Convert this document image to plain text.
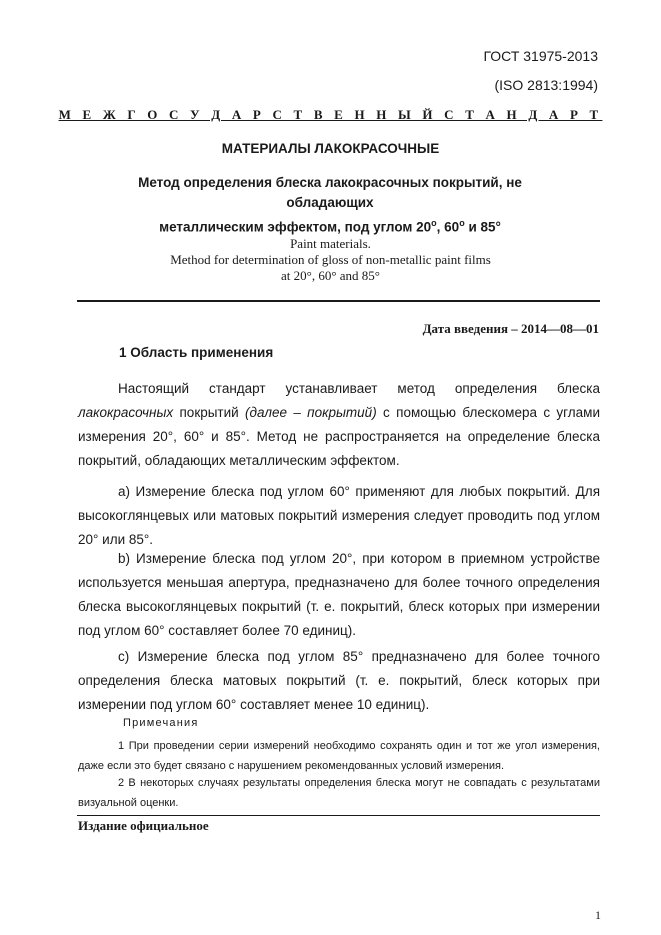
ГОСТ 31975-2013
(ISO 2813:1994)
М Е Ж Г О С У Д А Р С Т В Е Н Н Ы Й С Т А Н Д А Р Т
МАТЕРИАЛЫ ЛАКОКРАСОЧНЫЕ
Метод определения блеска лакокрасочных покрытий, не обладающих
металлическим эффектом, под углом $20^о$, $60^о$ и 85°
Paint materials.
Method for determination of gloss of non-metallic paint films
at 20°, 60° and 85°
Дата введения – 2014—08—01
1 Область применения
Настоящий стандарт устанавливает метод определения блеска лакокрасочных покрытий (далее – покрытий) с помощью блескомера с углами измерения 20°, 60° и 85°. Метод не распространяется на определение блеска покрытий, обладающих металлическим эффектом.
а) Измерение блеска под углом 60° применяют для любых покрытий. Для высокоглянцевых или матовых покрытий измерения следует проводить под углом 20° или 85°.
b) Измерение блеска под углом 20°, при котором в приемном устройстве используется меньшая апертура, предназначено для более точного определения блеска высокоглянцевых покрытий (т. е. покрытий, блеск которых при измерении под углом 60° составляет более 70 единиц).
с) Измерение блеска под углом 85° предназначено для более точного определения блеска матовых покрытий (т. е. покрытий, блеск которых при измерении под углом 60° составляет менее 10 единиц).
Примечания
1 При проведении серии измерений необходимо сохранять один и тот же угол измерения, даже если это будет связано с нарушением рекомендованных условий измерения.
2 В некоторых случаях результаты определения блеска могут не совпадать с результатами визуальной оценки.
Издание официальное
1
